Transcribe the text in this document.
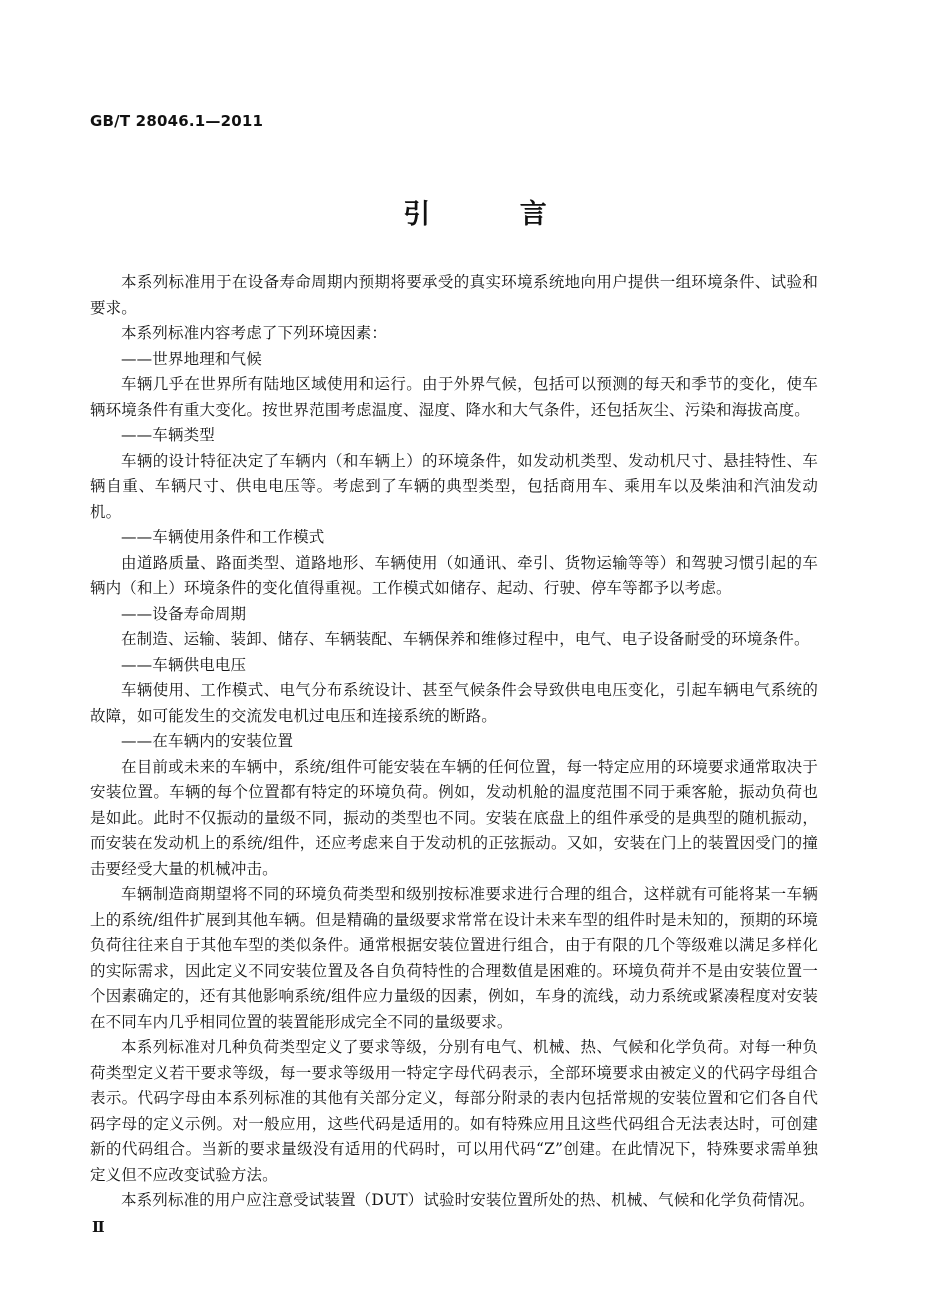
GB/T 28046.1—2011
引 言

本系列标准用于在设备寿命周期内预期将要承受的真实环境系统地向用户提供一组环境条件、试验和要求。

本系列标准内容考虑了下列环境因素：

——世界地理和气候

车辆几乎在世界所有陆地区域使用和运行。由于外界气候，包括可以预测的每天和季节的变化，使车辆环境条件有重大变化。按世界范围考虑温度、湿度、降水和大气条件，还包括灰尘、污染和海拔高度。

——车辆类型

车辆的设计特征决定了车辆内（和车辆上）的环境条件，如发动机类型、发动机尺寸、悬挂特性、车辆自重、车辆尺寸、供电电压等。考虑到了车辆的典型类型，包括商用车、乘用车以及柴油和汽油发动机。

——车辆使用条件和工作模式

由道路质量、路面类型、道路地形、车辆使用（如通讯、牵引、货物运输等等）和驾驶习惯引起的车辆内（和上）环境条件的变化值得重视。工作模式如储存、起动、行驶、停车等都予以考虑。

——设备寿命周期

在制造、运输、装卸、储存、车辆装配、车辆保养和维修过程中，电气、电子设备耐受的环境条件。

——车辆供电电压

车辆使用、工作模式、电气分布系统设计、甚至气候条件会导致供电电压变化，引起车辆电气系统的故障，如可能发生的交流发电机过电压和连接系统的断路。

——在车辆内的安装位置

在目前或未来的车辆中，系统/组件可能安装在车辆的任何位置，每一特定应用的环境要求通常取决于安装位置。车辆的每个位置都有特定的环境负荷。例如，发动机舱的温度范围不同于乘客舱，振动负荷也是如此。此时不仅振动的量级不同，振动的类型也不同。安装在底盘上的组件承受的是典型的随机振动，而安装在发动机上的系统/组件，还应考虑来自于发动机的正弦振动。又如，安装在门上的装置因受门的撞击要经受大量的机械冲击。

车辆制造商期望将不同的环境负荷类型和级别按标准要求进行合理的组合，这样就有可能将某一车辆上的系统/组件扩展到其他车辆。但是精确的量级要求常常在设计未来车型的组件时是未知的，预期的环境负荷往往来自于其他车型的类似条件。通常根据安装位置进行组合，由于有限的几个等级难以满足多样化的实际需求，因此定义不同安装位置及各自负荷特性的合理数值是困难的。环境负荷并不是由安装位置一个因素确定的，还有其他影响系统/组件应力量级的因素，例如，车身的流线，动力系统或紧凑程度对安装在不同车内几乎相同位置的装置能形成完全不同的量级要求。

本系列标准对几种负荷类型定义了要求等级，分别有电气、机械、热、气候和化学负荷。对每一种负荷类型定义若干要求等级，每一要求等级用一特定字母代码表示，全部环境要求由被定义的代码字母组合表示。代码字母由本系列标准的其他有关部分定义，每部分附录的表内包括常规的安装位置和它们各自代码字母的定义示例。对一般应用，这些代码是适用的。如有特殊应用且这些代码组合无法表达时，可创建新的代码组合。当新的要求量级没有适用的代码时，可以用代码“Z”创建。在此情况下，特殊要求需单独定义但不应改变试验方法。

本系列标准的用户应注意受试装置（DUT）试验时安装位置所处的热、机械、气候和化学负荷情况。

Ⅱ
